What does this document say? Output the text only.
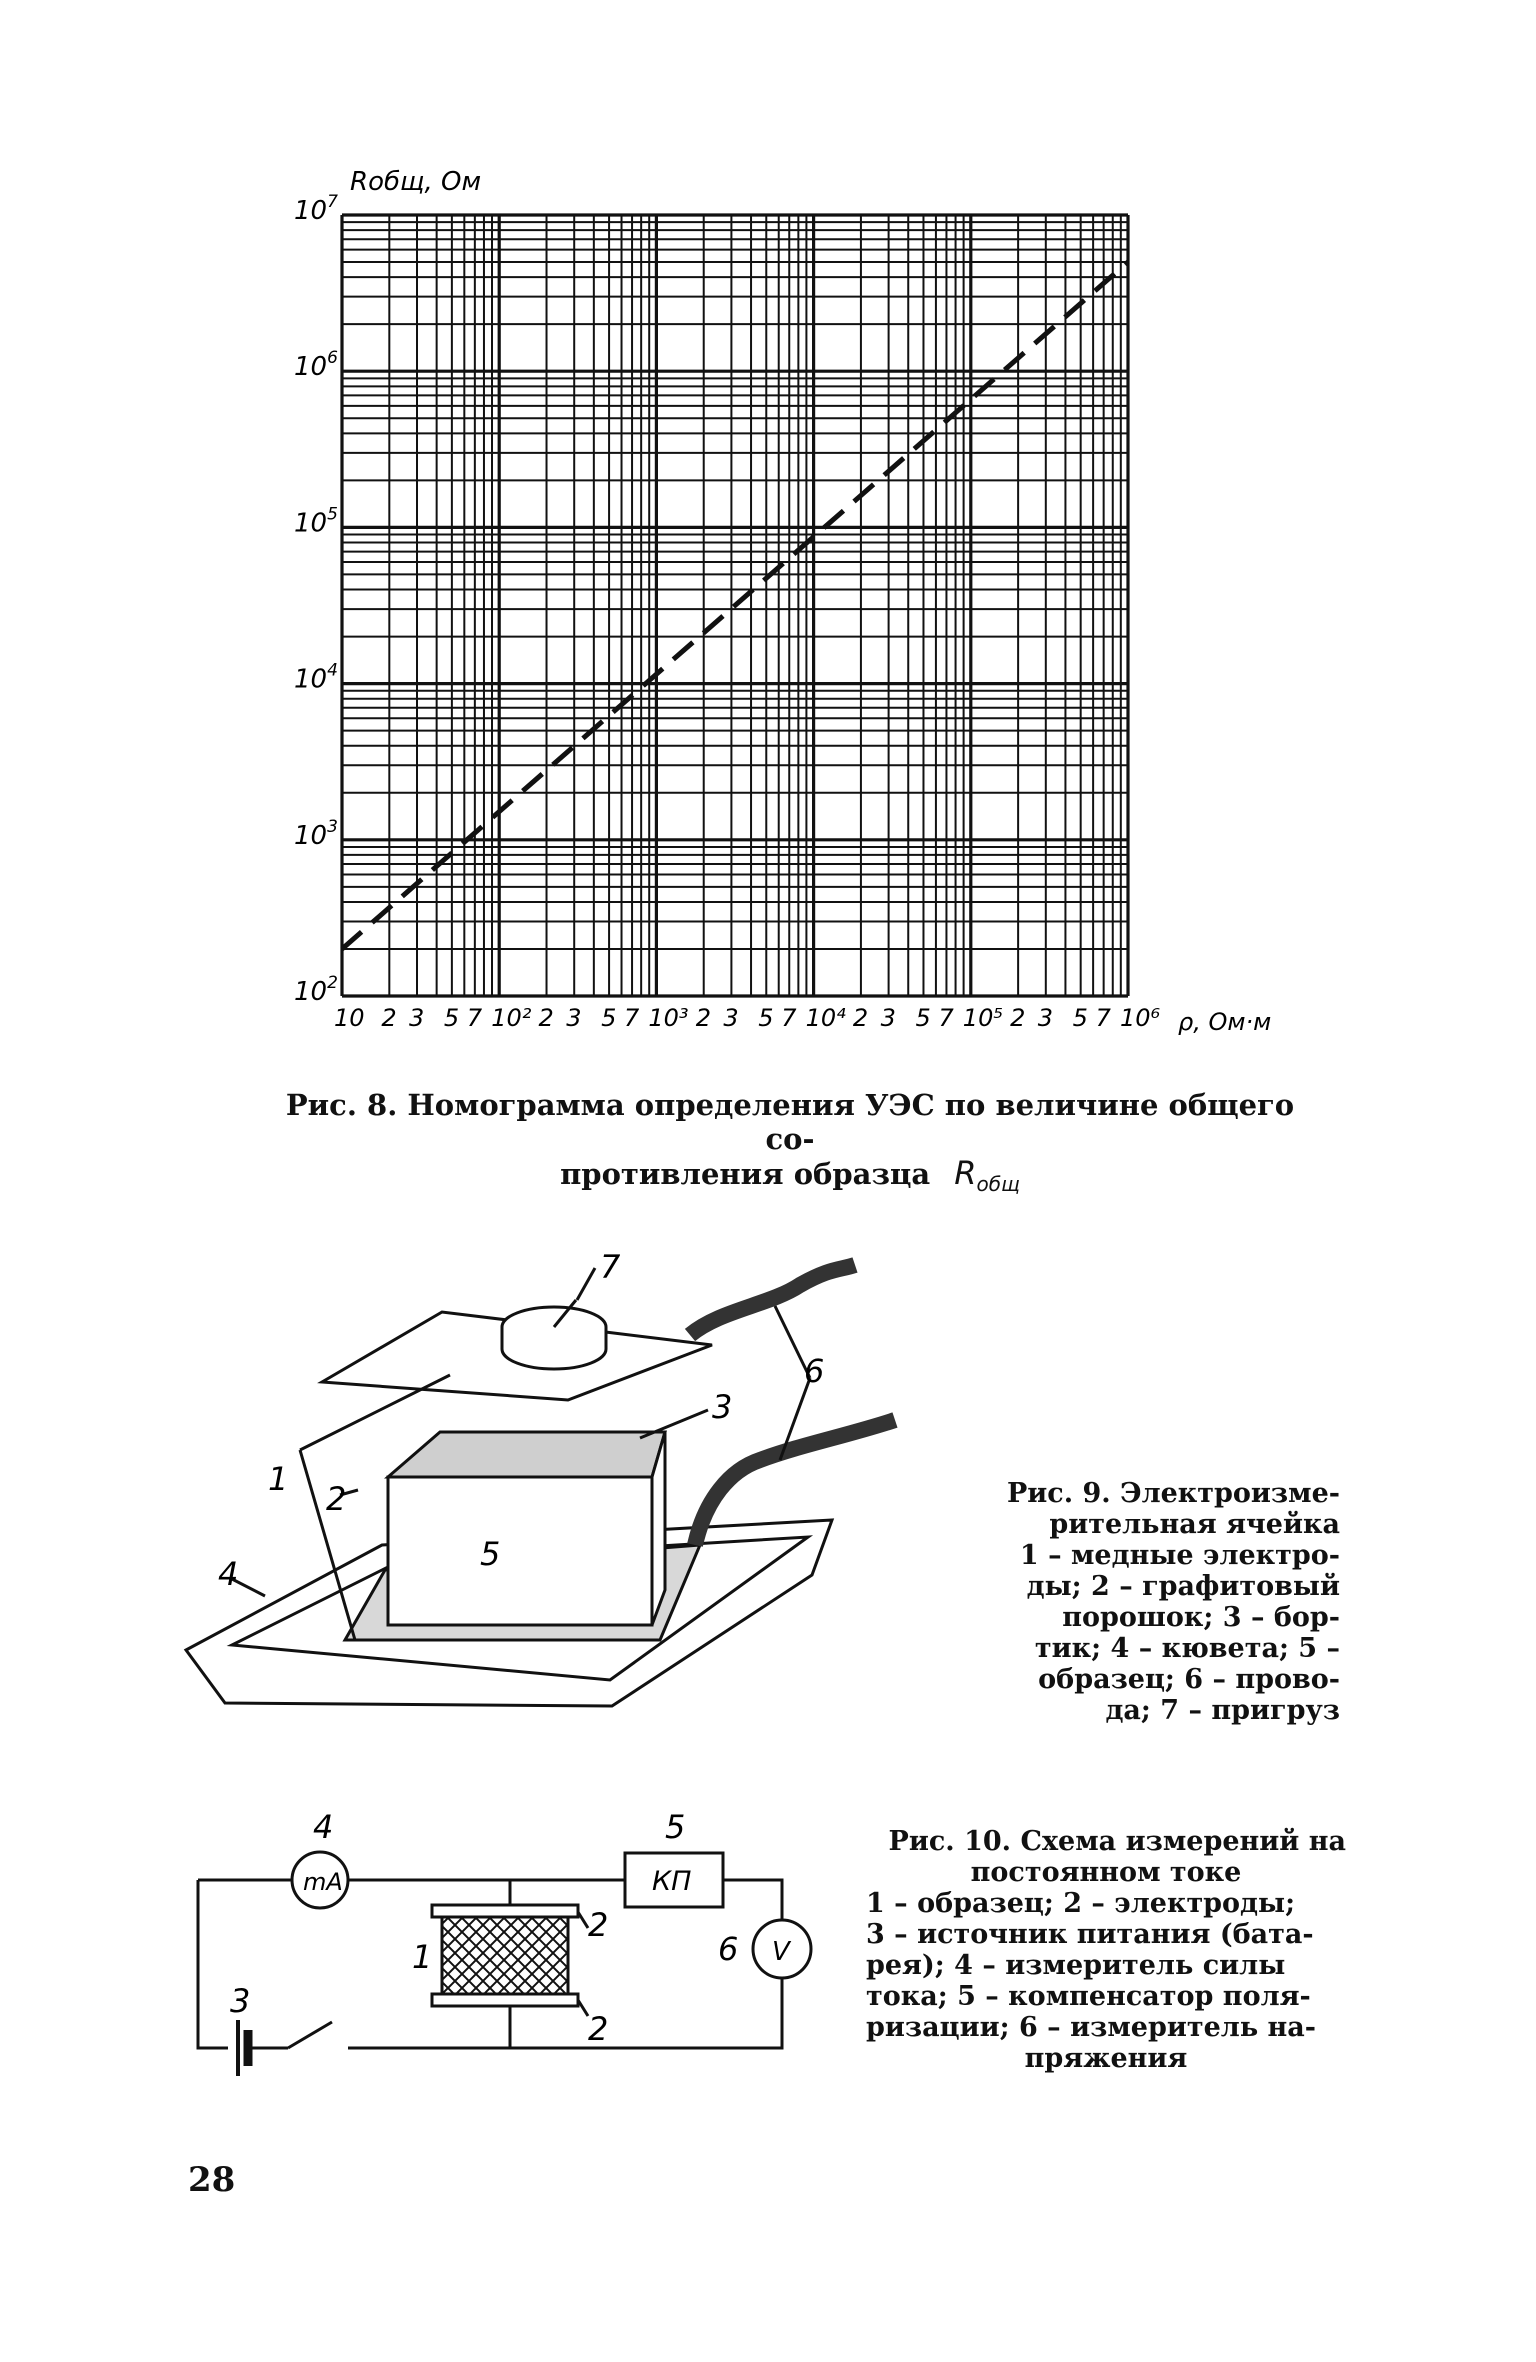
$10^2$
$10^3$
$10^4$
$10^5$
$10^6$
$10^7$
10 2 3 5 7 10² 2 3 5 7 10³ 2 3 5 7 10⁴ 2 3 5 7 10⁵ 2 3 5 7 10⁶
Rобщ, Ом
ρ, Ом·м
Рис. 8. Номограмма определения УЭС по величине общего со-
противления образца $R_{общ}$
7
3
6
1
2
4
5
Рис. 9. Электроизме-
рительная ячейка
1 – медные электро-
ды; 2 – графитовый
порошок; 3 – бор-
тик; 4 – кювета; 5 –
образец; 6 – прово-
да; 7 – пригруз
mA
V
КП
4	5
6
1
2
2
3
Рис. 10. Схема измерений на
постоянном токе
1 – образец; 2 – электроды;
3 – источник питания (бата-
рея); 4 – измеритель силы
тока; 5 – компенсатор поля-
ризации; 6 – измеритель на-
пряжения
28
